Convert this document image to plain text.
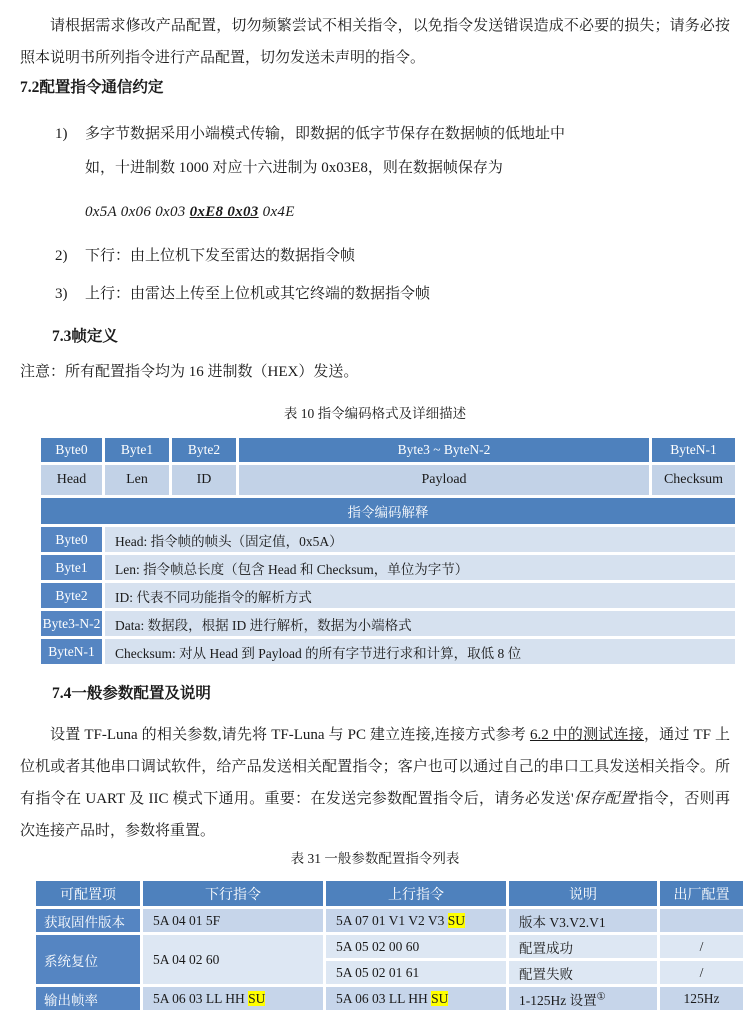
请根据需求修改产品配置，切勿频繁尝试不相关指令，以免指令发送错误造成不必要的损失；请务必按照本说明书所列指令进行产品配置，切勿发送未声明的指令。

7.2配置指令通信约定
1)	多字节数据采用小端模式传输，即数据的低字节保存在数据帧的低地址中
如，十进制数 1000 对应十六进制为 0x03E8，则在数据帧保存为
0x5A 0x06 0x03 0xE8 0x03 0x4E
2)	下行：由上位机下发至雷达的数据指令帧
3)	上行：由雷达上传至上位机或其它终端的数据指令帧
7.3帧定义
注意：所有配置指令均为 16 进制数（HEX）发送。
表 10 指令编码格式及详细描述
Byte0	Byte1	Byte2	Byte3 ~ ByteN-2	ByteN-1
Head	Len	ID	Payload	Checksum
指令编码解释				
Byte0	Head: 指令帧的帧头（固定值，0x5A）			
Byte1	Len: 指令帧总长度（包含 Head 和 Checksum，单位为字节）			
Byte2	ID: 代表不同功能指令的解析方式			
Byte3-N-2	Data: 数据段，根据 ID 进行解析，数据为小端格式			
ByteN-1	Checksum: 对从 Head 到 Payload 的所有字节进行求和计算，取低 8 位			
7.4一般参数配置及说明

设置 TF-Luna 的相关参数,请先将 TF-Luna 与 PC 建立连接,连接方式参考 6.2 中的测试连接，通过 TF 上位机或者其他串口调试软件，给产品发送相关配置指令；客户也可以通过自己的串口工具发送相关指令。所有指令在 UART 及 IIC 模式下通用。重要：在发送完参数配置指令后，请务必发送'保存配置'指令，否则再次连接产品时，参数将重置。

表 31 一般参数配置指令列表
可配置项	下行指令	上行指令	说明	出厂配置
获取固件版本	5A 04 01 5F	5A 07 01 V1 V2 V3 SU	版本 V3.V2.V1	
系统复位	5A 04 02 60	5A 05 02 00 60	配置成功	/
		5A 05 02 01 61	配置失败	/
输出帧率	5A 06 03 LL HH SU	5A 06 03 LL HH SU	1-125Hz 设置①	125Hz
